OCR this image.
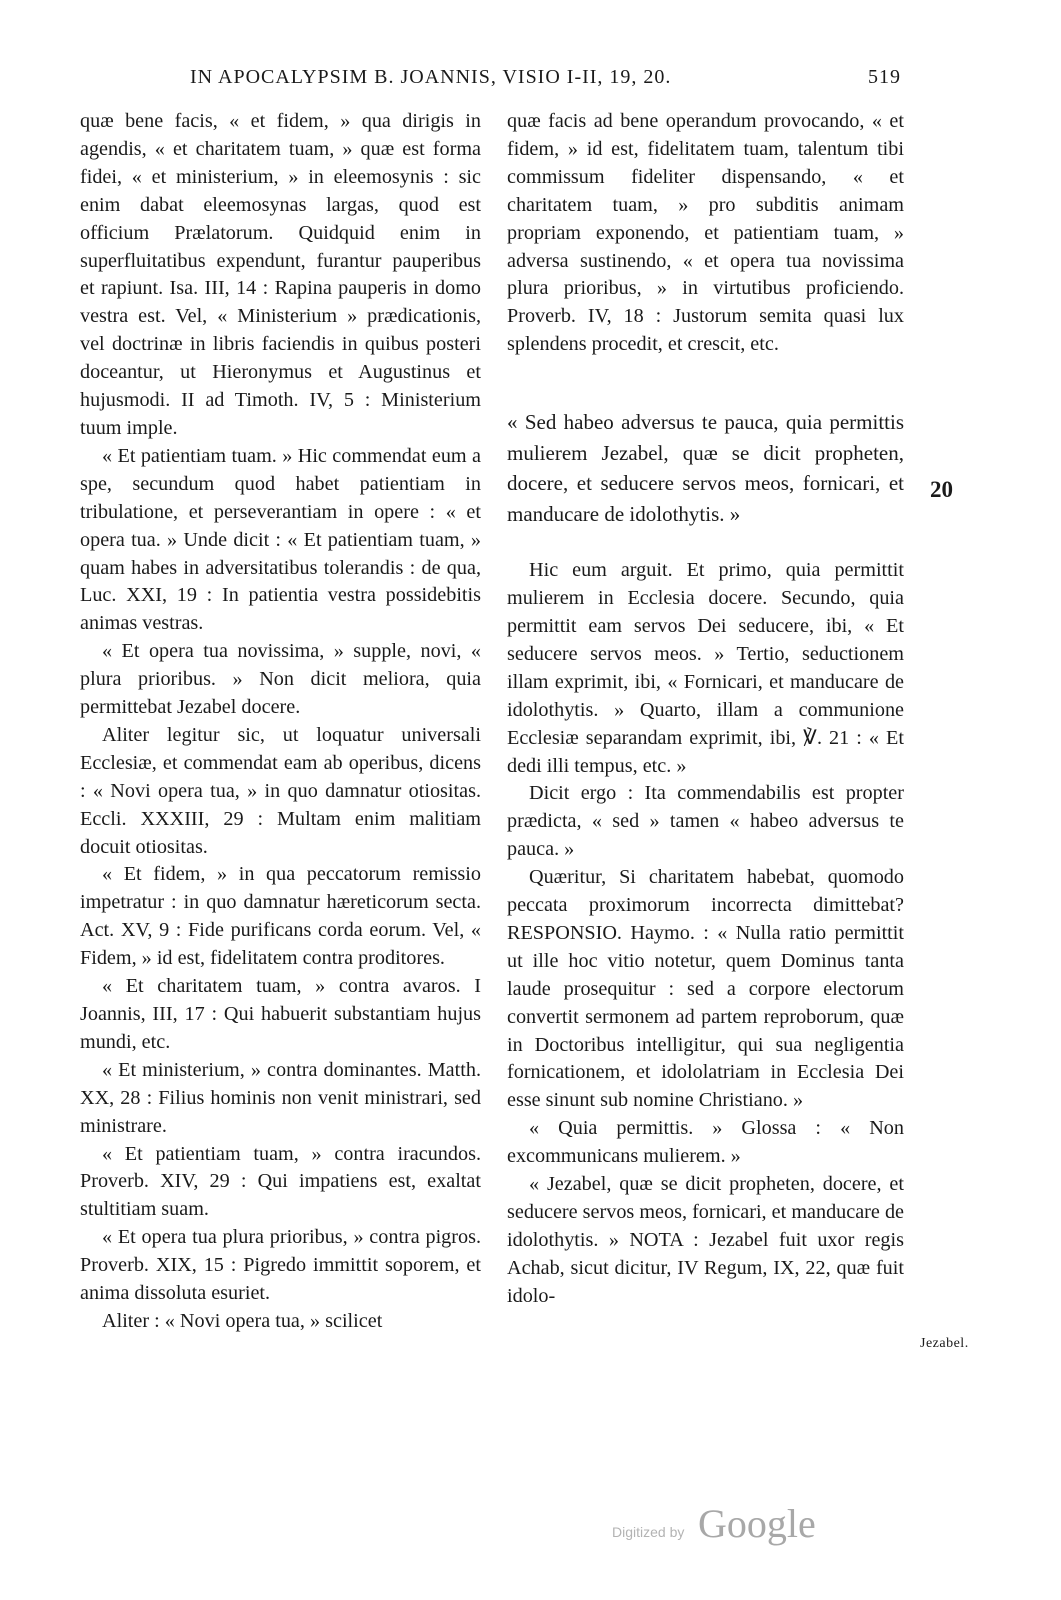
IN APOCALYPSIM B. JOANNIS, VISIO I-II, 19, 20.	519

quæ bene facis, « et fidem, » qua dirigis in agendis, « et charitatem tuam, » quæ est forma fidei, « et ministerium, » in eleemosynis : sic enim dabat eleemosynas largas, quod est officium Prælatorum. Quidquid enim in superfluitatibus expendunt, furantur pauperibus et rapiunt. Isa. III, 14 : Rapina pauperis in domo vestra est. Vel, « Ministerium » prædicationis, vel doctrinæ in libris faciendis in quibus posteri doceantur, ut Hieronymus et Augustinus et hujusmodi. II ad Timoth. IV, 5 : Ministerium tuum imple.

« Et patientiam tuam. » Hic commendat eum a spe, secundum quod habet patientiam in tribulatione, et perseverantiam in opere : « et opera tua. » Unde dicit : « Et patientiam tuam, » quam habes in adversitatibus tolerandis : de qua, Luc. XXI, 19 : In patientia vestra possidebitis animas vestras.

« Et opera tua novissima, » supple, novi, « plura prioribus. » Non dicit meliora, quia permittebat Jezabel docere.

Aliter legitur sic, ut loquatur universali Ecclesiæ, et commendat eam ab operibus, dicens : « Novi opera tua, » in quo damnatur otiositas. Eccli. XXXIII, 29 : Multam enim malitiam docuit otiositas.

« Et fidem, » in qua peccatorum remissio impetratur : in quo damnatur hæreticorum secta. Act. XV, 9 : Fide purificans corda eorum. Vel, « Fidem, » id est, fidelitatem contra proditores.

« Et charitatem tuam, » contra avaros. I Joannis, III, 17 : Qui habuerit substantiam hujus mundi, etc.

« Et ministerium, » contra dominantes. Matth. XX, 28 : Filius hominis non venit ministrari, sed ministrare.

« Et patientiam tuam, » contra iracundos. Proverb. XIV, 29 : Qui impatiens est, exaltat stultitiam suam.

« Et opera tua plura prioribus, » contra pigros. Proverb. XIX, 15 : Pigredo immittit soporem, et anima dissoluta esuriet.

Aliter : « Novi opera tua, » scilicet

quæ facis ad bene operandum provocando, « et fidem, » id est, fidelitatem tuam, talentum tibi commissum fideliter dispensando, « et charitatem tuam, » pro subditis animam propriam exponendo, et patientiam tuam, » adversa sustinendo, « et opera tua novissima plura prioribus, » in virtutibus proficiendo. Proverb. IV, 18 : Justorum semita quasi lux splendens procedit, et crescit, etc.

« Sed habeo adversus te pauca, quia permittis mulierem Jezabel, quæ se dicit propheten, docere, et seducere servos meos, fornicari, et manducare de idolothytis. »

Hic eum arguit. Et primo, quia permittit mulierem in Ecclesia docere. Secundo, quia permittit eam servos Dei seducere, ibi, « Et seducere servos meos. » Tertio, seductionem illam exprimit, ibi, « Fornicari, et manducare de idolothytis. » Quarto, illam a communione Ecclesiæ separandam exprimit, ibi, ℣. 21 : « Et dedi illi tempus, etc. »

Dicit ergo : Ita commendabilis est propter prædicta, « sed » tamen « habeo adversus te pauca. »

Quæritur, Si charitatem habebat, quomodo peccata proximorum incorrecta dimittebat? RESPONSIO. Haymo. : « Nulla ratio permittit ut ille hoc vitio notetur, quem Dominus tanta laude prosequitur : sed a corpore electorum convertit sermonem ad partem reproborum, quæ in Doctoribus intelligitur, qui sua negligentia fornicationem, et idololatriam in Ecclesia Dei esse sinunt sub nomine Christiano. »

« Quia permittis. » Glossa : « Non excommunicans mulierem. »

« Jezabel, quæ se dicit propheten, docere, et seducere servos meos, fornicari, et manducare de idolothytis. » NOTA : Jezabel fuit uxor regis Achab, sicut dicitur, IV Regum, IX, 22, quæ fuit idolo-

20
Jezabel.
Digitized by Google
